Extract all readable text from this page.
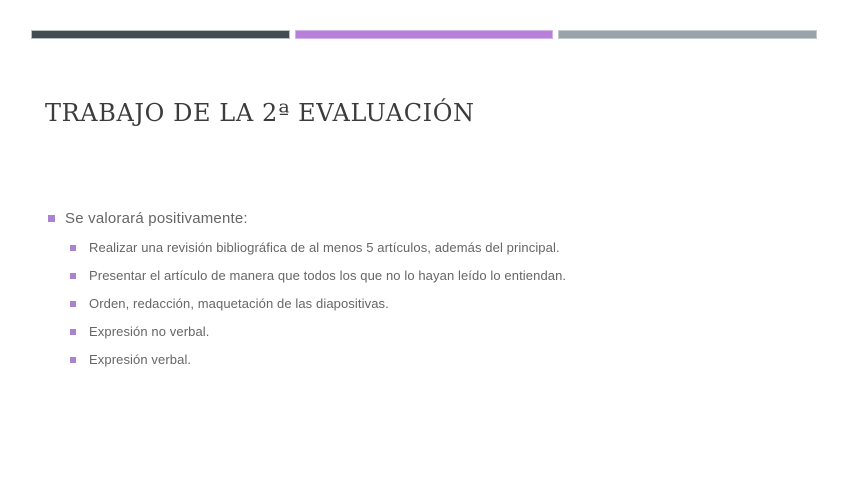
TRABAJO DE LA 2ª EVALUACIÓN
Se valorará positivamente:
Realizar una revisión bibliográfica de al menos 5 artículos, además del principal.
Presentar el artículo de manera que todos los que no lo hayan leído lo entiendan.
Orden, redacción, maquetación de las diapositivas.
Expresión no verbal.
Expresión verbal.
